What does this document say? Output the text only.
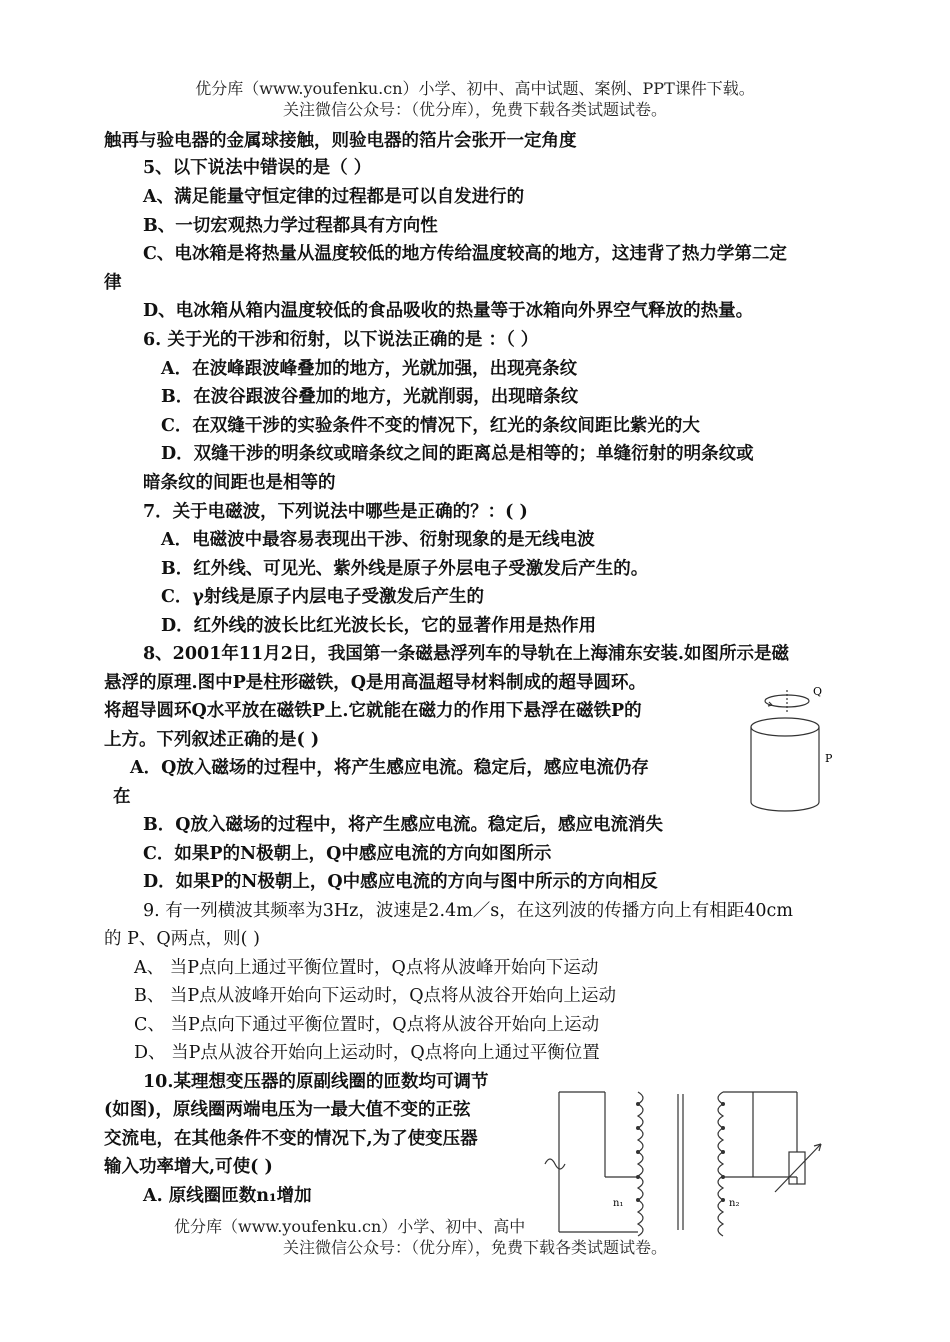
优分库（www.youfenku.cn）小学、初中、高中试题、案例、PPT课件下载。
关注微信公众号：（优分库），免费下载各类试题试卷。
触再与验电器的金属球接触，则验电器的箔片会张开一定角度
5、以下说法中错误的是（ ）
A、满足能量守恒定律的过程都是可以自发进行的
B、一切宏观热力学过程都具有方向性
C、电冰箱是将热量从温度较低的地方传给温度较高的地方，这违背了热力学第二定
律
D、电冰箱从箱内温度较低的食品吸收的热量等于冰箱向外界空气释放的热量。
6. 关于光的干涉和衍射，以下说法正确的是 ：（ ）
A．在波峰跟波峰叠加的地方，光就加强，出现亮条纹
B．在波谷跟波谷叠加的地方，光就削弱，出现暗条纹
C．在双缝干涉的实验条件不变的情况下，红光的条纹间距比紫光的大
D．双缝干涉的明条纹或暗条纹之间的距离总是相等的；单缝衍射的明条纹或
暗条纹的间距也是相等的
7．关于电磁波，下列说法中哪些是正确的？：( )
A．电磁波中最容易表现出干涉、衍射现象的是无线电波
B．红外线、可见光、紫外线是原子外层电子受激发后产生的。
C．γ射线是原子内层电子受激发后产生的
D．红外线的波长比红光波长长，它的显著作用是热作用
8、2001年11月2日，我国第一条磁悬浮列车的导轨在上海浦东安装.如图所示是磁
悬浮的原理.图中P是柱形磁铁，Q是用高温超导材料制成的超导圆环。
将超导圆环Q水平放在磁铁P上.它就能在磁力的作用下悬浮在磁铁P的
上方。下列叙述正确的是( )
A．Q放入磁场的过程中，将产生感应电流。稳定后，感应电流仍存
在
B．Q放入磁场的过程中，将产生感应电流。稳定后，感应电流消失
C．如果P的N极朝上，Q中感应电流的方向如图所示
D．如果P的N极朝上，Q中感应电流的方向与图中所示的方向相反
Q
P
9. 有一列横波其频率为3Hz，波速是2.4m／s，在这列波的传播方向上有相距40cm
的 P、Q两点，则( )
A、 当P点向上通过平衡位置时，Q点将从波峰开始向下运动
B、 当P点从波峰开始向下运动时，Q点将从波谷开始向上运动
C、 当P点向下通过平衡位置时，Q点将从波谷开始向上运动
D、 当P点从波谷开始向上运动时，Q点将向上通过平衡位置
10.某理想变压器的原副线圈的匝数均可调节
(如图)，原线圈两端电压为一最大值不变的正弦
交流电，在其他条件不变的情况下,为了使变压器
输入功率增大,可使( )
A. 原线圈匝数n₁增加	n₁	n₂
优分库（www.youfenku.cn）小学、初中、高中
关注微信公众号：（优分库），免费下载各类试题试卷。
